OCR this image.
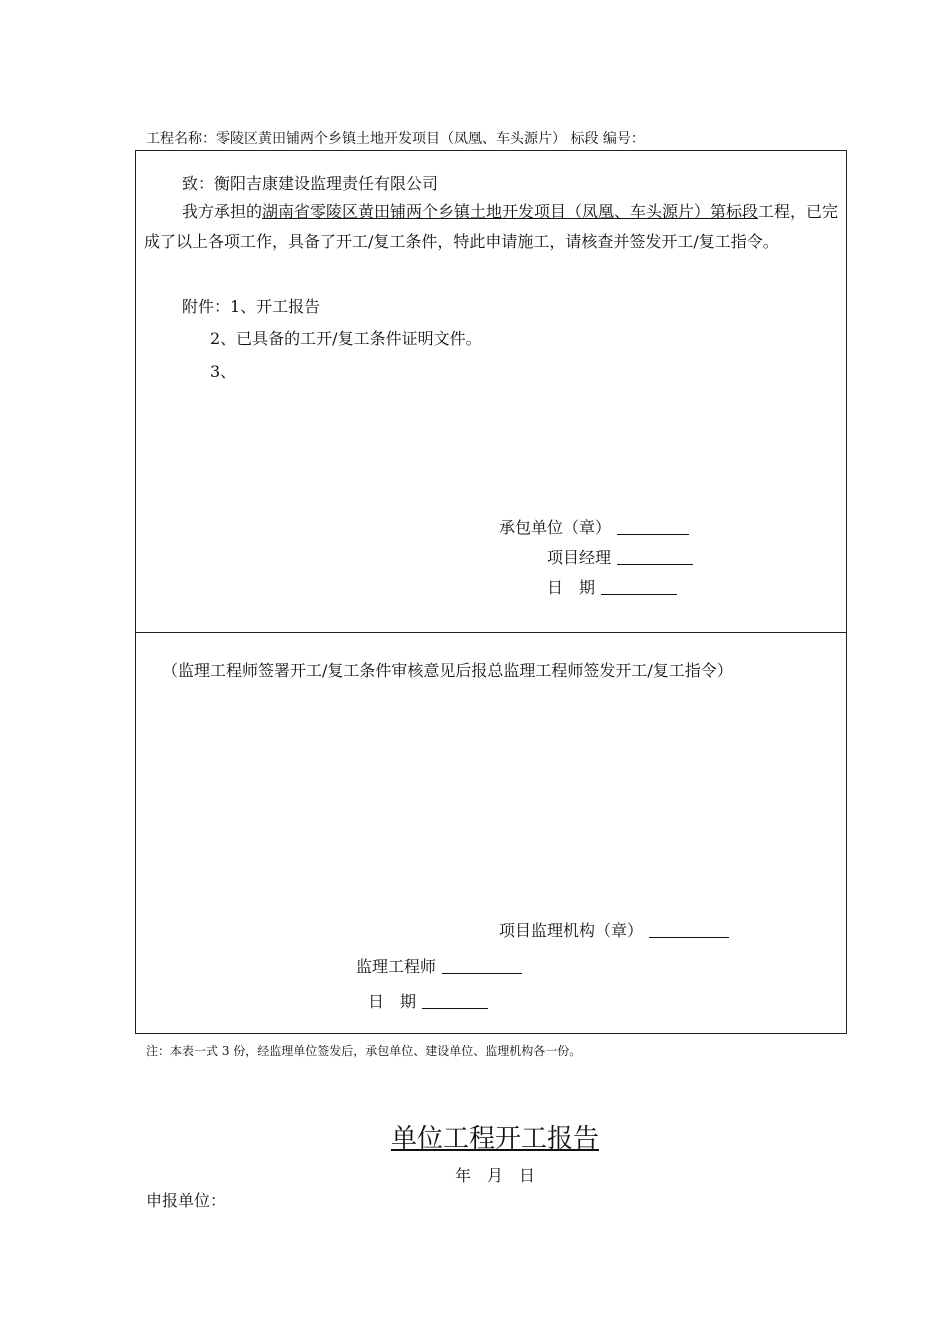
工程名称：零陵区黄田铺两个乡镇土地开发项目（凤凰、车头源片） 标段 编号：
致：衡阳吉康建设监理责任有限公司
我方承担的湖南省零陵区黄田铺两个乡镇土地开发项目（凤凰、车头源片）第标段工程，已完成了以上各项工作，具备了开工/复工条件，特此申请施工，请核查并签发开工/复工指令。
附件：1、开工报告
2、已具备的工开/复工条件证明文件。
3、
承包单位（章）
项目经理
日　期
（监理工程师签署开工/复工条件审核意见后报总监理工程师签发开工/复工指令）
项目监理机构（章）
监理工程师
日　期
注：本表一式 3 份，经监理单位签发后，承包单位、建设单位、监理机构各一份。
单位工程开工报告
年　月　日
申报单位：
